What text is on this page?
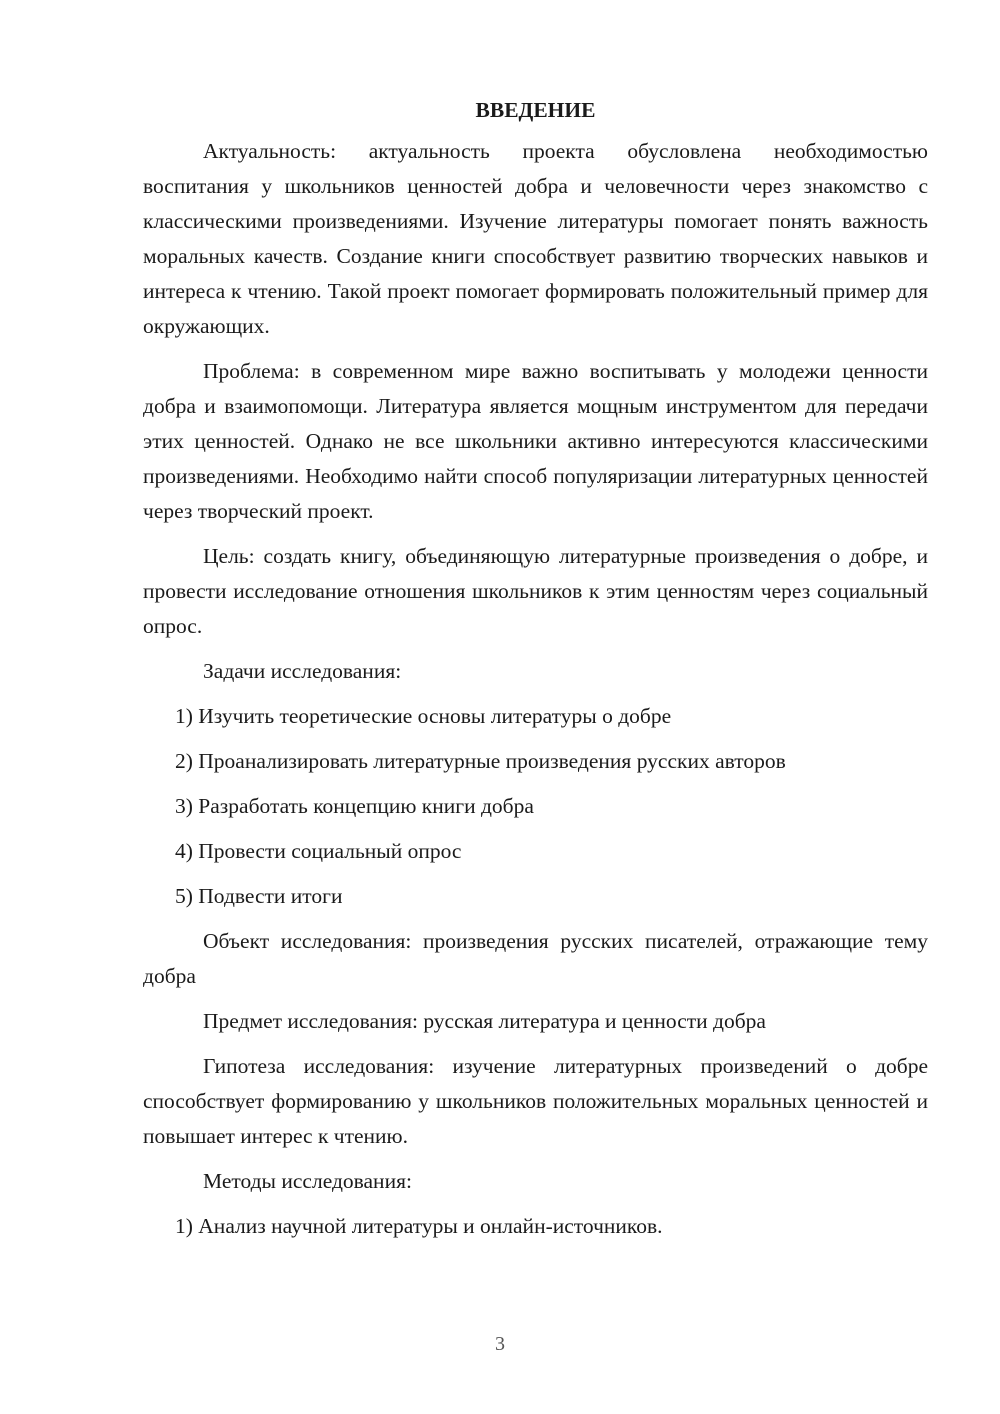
ВВЕДЕНИЕ

Актуальность: актуальность проекта обусловлена необходимостью воспитания у школьников ценностей добра и человечности через знакомство с классическими произведениями. Изучение литературы помогает понять важность моральных качеств. Создание книги способствует развитию творческих навыков и интереса к чтению. Такой проект помогает формировать положительный пример для окружающих.

Проблема: в современном мире важно воспитывать у молодежи ценности добра и взаимопомощи. Литература является мощным инструментом для передачи этих ценностей. Однако не все школьники активно интересуются классическими произведениями. Необходимо найти способ популяризации литературных ценностей через творческий проект.

Цель: создать книгу, объединяющую литературные произведения о добре, и провести исследование отношения школьников к этим ценностям через социальный опрос.

Задачи исследования:

1) Изучить теоретические основы литературы о добре

2) Проанализировать литературные произведения русских авторов

3) Разработать концепцию книги добра

4) Провести социальный опрос

5) Подвести итоги

Объект исследования: произведения русских писателей, отражающие тему добра

Предмет исследования: русская литература и ценности добра

Гипотеза исследования: изучение литературных произведений о добре способствует формированию у школьников положительных моральных ценностей и повышает интерес к чтению.

Методы исследования:

1) Анализ научной литературы и онлайн-источников.

3
